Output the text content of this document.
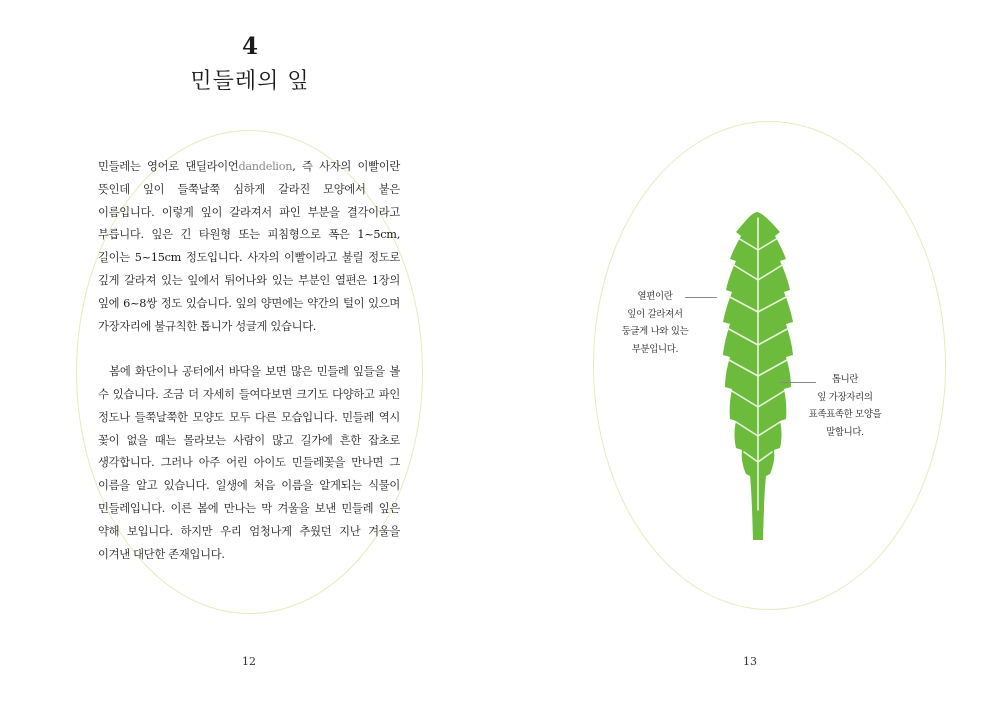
4
민들레의 잎

민들레는 영어로 댄딜라이언dandelion, 즉 사자의 이빨이란 뜻인데 잎이 들쭉날쭉 심하게 갈라진 모양에서 붙은 이름입니다. 이렇게 잎이 갈라져서 파인 부분을 결각이라고 부릅니다. 잎은 긴 타원형 또는 피침형으로 폭은 1~5cm, 길이는 5~15cm 정도입니다. 사자의 이빨이라고 불릴 정도로 깊게 갈라져 있는 잎에서 튀어나와 있는 부분인 열편은 1장의 잎에 6~8쌍 정도 있습니다. 잎의 양면에는 약간의 털이 있으며 가장자리에 불규칙한 톱니가 성글게 있습니다.

봄에 화단이나 공터에서 바닥을 보면 많은 민들레 잎들을 볼 수 있습니다. 조금 더 자세히 들여다보면 크기도 다양하고 파인 정도나 들쭉날쭉한 모양도 모두 다른 모습입니다. 민들레 역시 꽃이 없을 때는 몰라보는 사람이 많고 길가에 흔한 잡초로 생각합니다. 그러나 아주 어린 아이도 민들레꽃을 만나면 그 이름을 알고 있습니다. 일생에 처음 이름을 알게되는 식물이 민들레입니다. 이른 봄에 만나는 막 겨울을 보낸 민들레 잎은 약해 보입니다. 하지만 우리 엄청나게 추웠던 지난 겨울을 이겨낸 대단한 존재입니다.

12

열편이란

잎이 갈라져서

둥글게 나와 있는

부분입니다.

톱니란

잎 가장자리의

표족표족한 모양을

말합니다.

13
